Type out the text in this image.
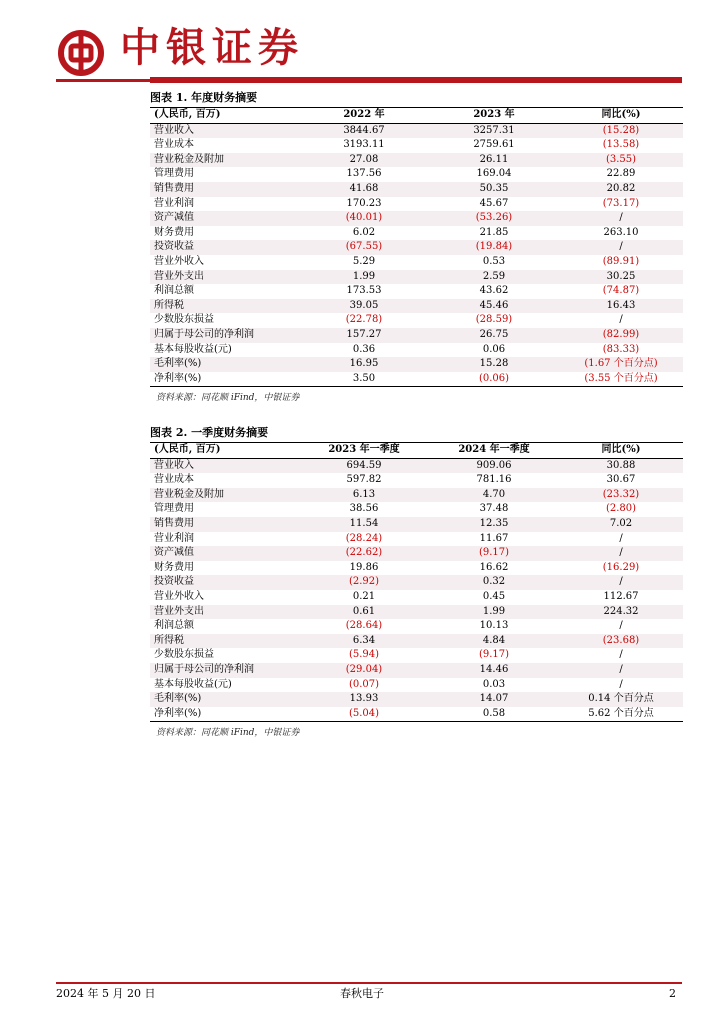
中银证券
图表 1. 年度财务摘要
(人民币, 百万)	2022 年	2023 年	同比(%)
营业收入	3844.67	3257.31	(15.28)
营业成本	3193.11	2759.61	(13.58)
营业税金及附加	27.08	26.11	(3.55)
管理费用	137.56	169.04	22.89
销售费用	41.68	50.35	20.82
营业利润	170.23	45.67	(73.17)
资产减值	(40.01)	(53.26)	/
财务费用	6.02	21.85	263.10
投资收益	(67.55)	(19.84)	/
营业外收入	5.29	0.53	(89.91)
营业外支出	1.99	2.59	30.25
利润总额	173.53	43.62	(74.87)
所得税	39.05	45.46	16.43
少数股东损益	(22.78)	(28.59)	/
归属于母公司的净利润	157.27	26.75	(82.99)
基本每股收益(元)	0.36	0.06	(83.33)
毛利率(%)	16.95	15.28	(1.67 个百分点)
净利率(%)	3.50	(0.06)	(3.55 个百分点)
资料来源：同花顺 iFind，中银证券
图表 2. 一季度财务摘要
(人民币, 百万)	2023 年一季度	2024 年一季度	同比(%)
营业收入	694.59	909.06	30.88
营业成本	597.82	781.16	30.67
营业税金及附加	6.13	4.70	(23.32)
管理费用	38.56	37.48	(2.80)
销售费用	11.54	12.35	7.02
营业利润	(28.24)	11.67	/
资产减值	(22.62)	(9.17)	/
财务费用	19.86	16.62	(16.29)
投资收益	(2.92)	0.32	/
营业外收入	0.21	0.45	112.67
营业外支出	0.61	1.99	224.32
利润总额	(28.64)	10.13	/
所得税	6.34	4.84	(23.68)
少数股东损益	(5.94)	(9.17)	/
归属于母公司的净利润	(29.04)	14.46	/
基本每股收益(元)	(0.07)	0.03	/
毛利率(%)	13.93	14.07	0.14 个百分点
净利率(%)	(5.04)	0.58	5.62 个百分点
资料来源：同花顺 iFind，中银证券
2024 年 5 月 20 日	春秋电子	2
